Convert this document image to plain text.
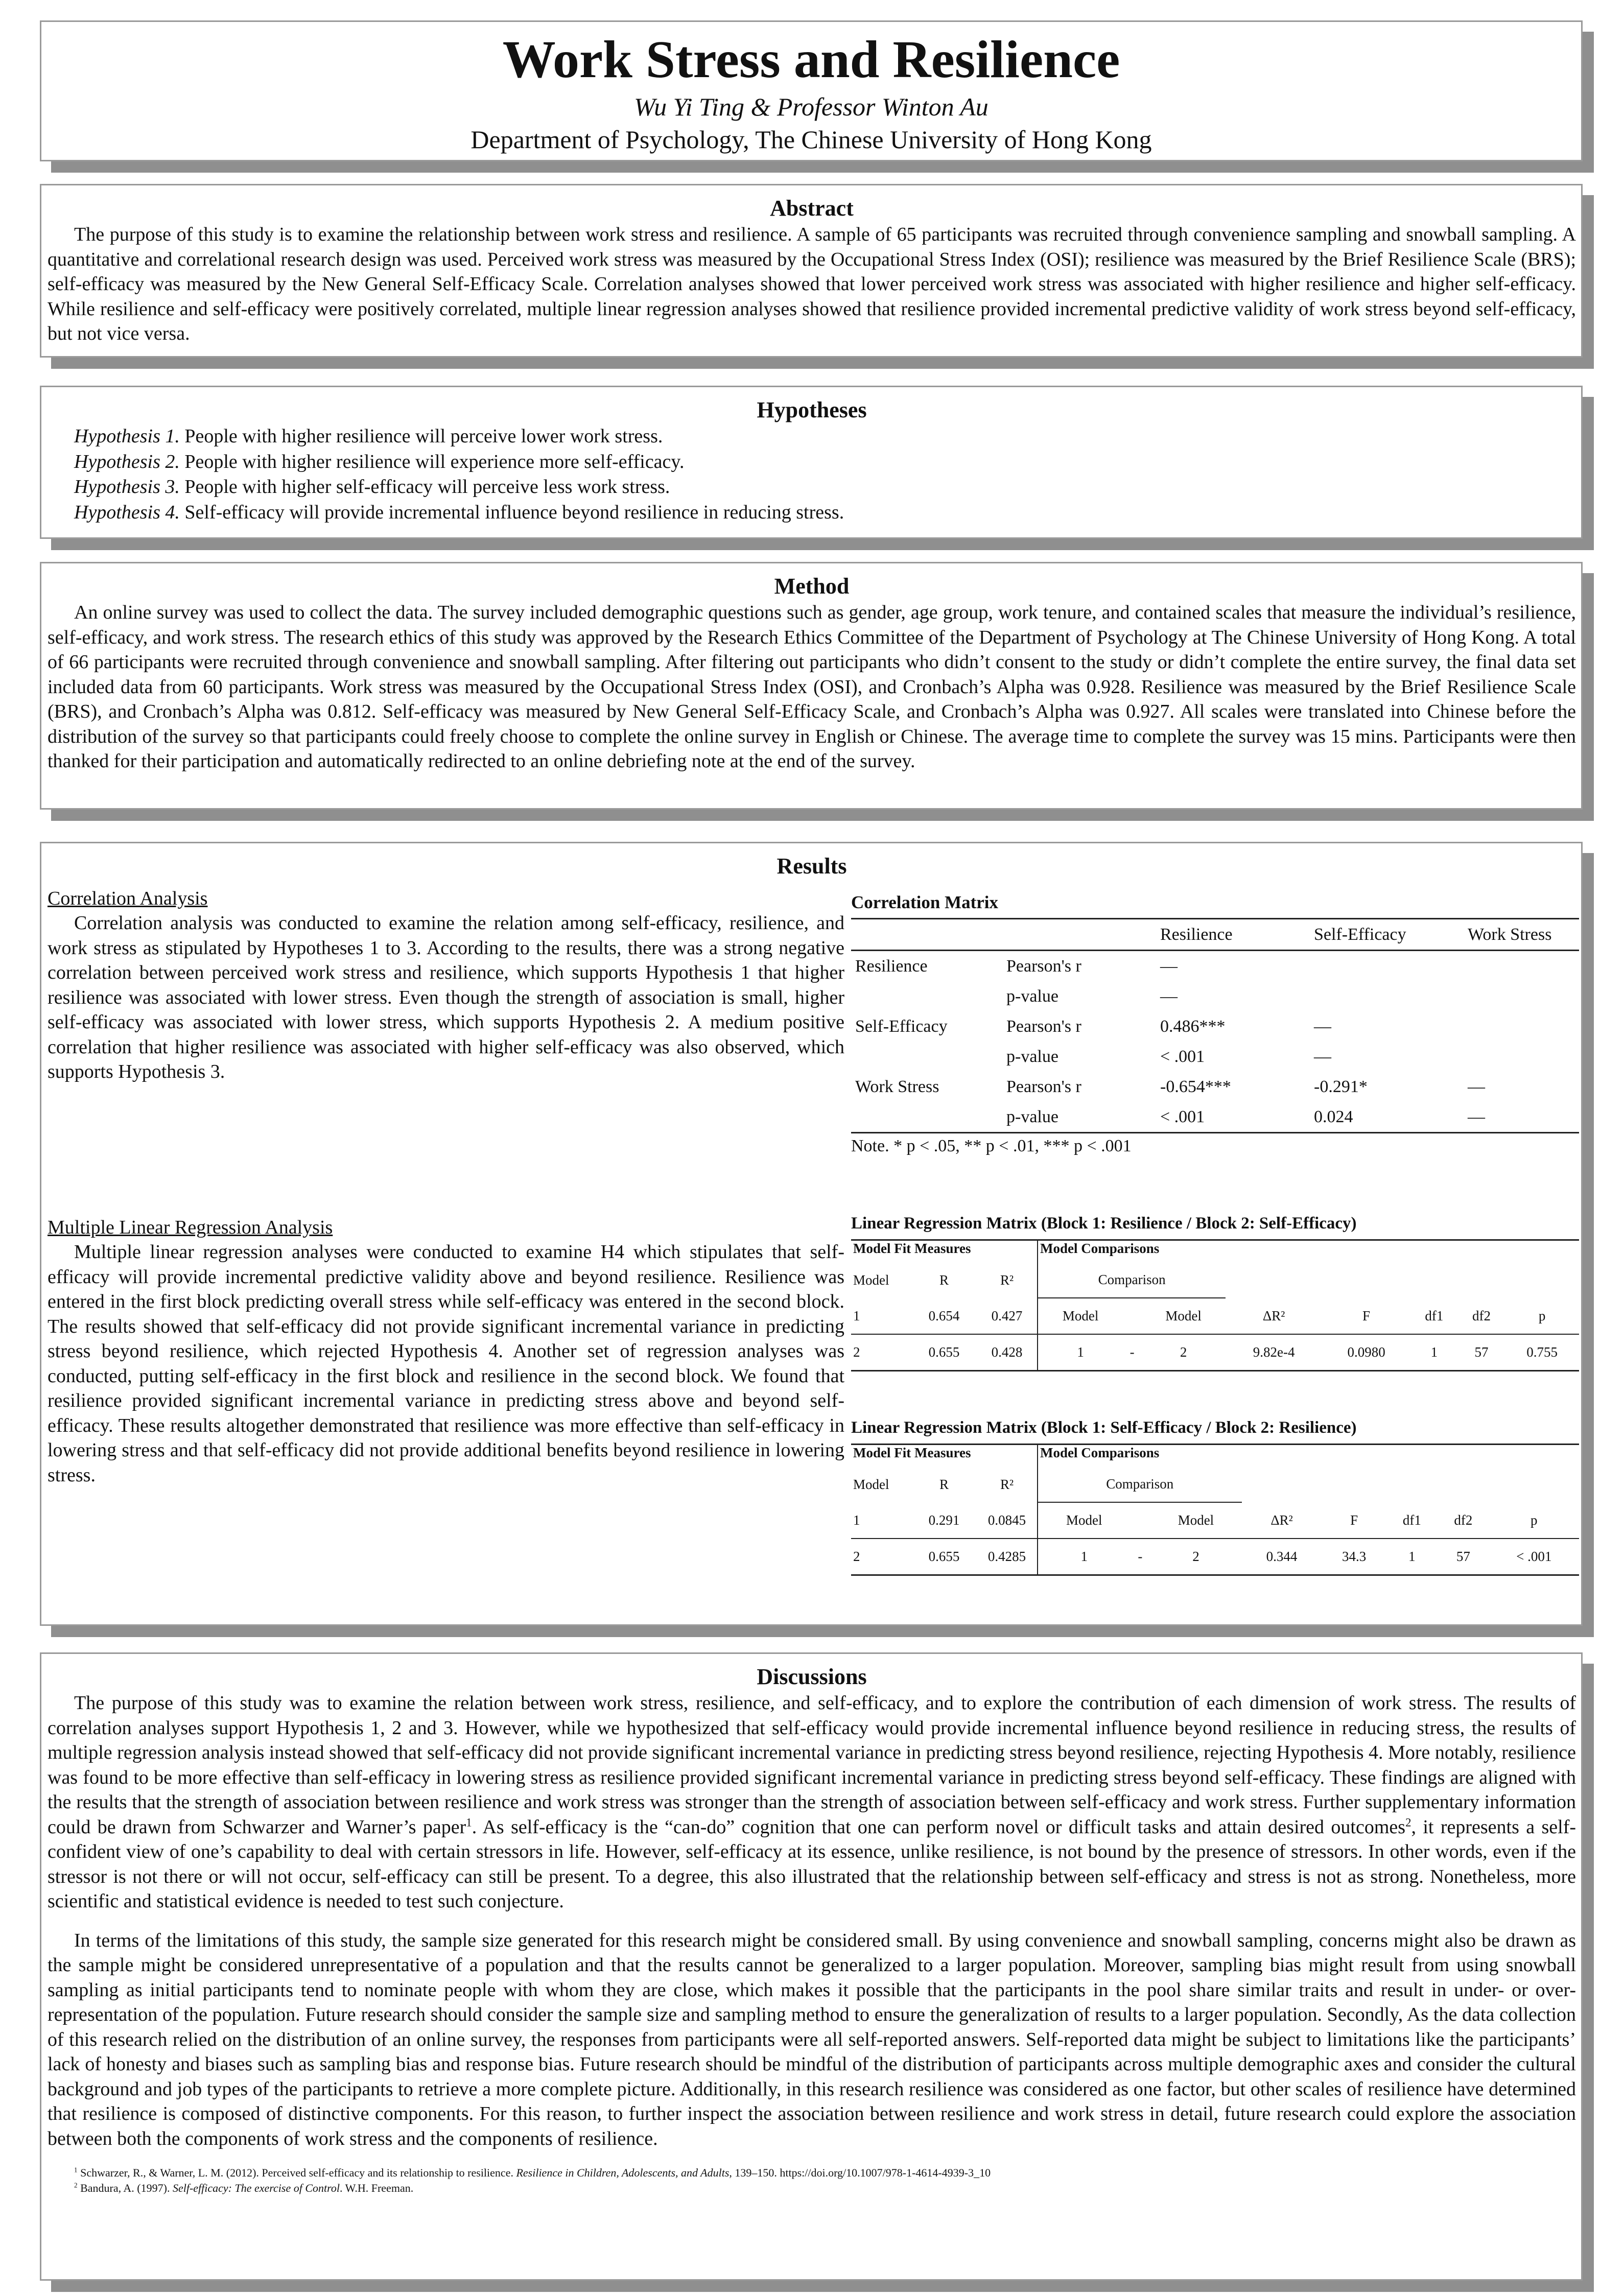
Work Stress and Resilience
Wu Yi Ting & Professor Winton Au
Department of Psychology, The Chinese University of Hong Kong
Abstract

The purpose of this study is to examine the relationship between work stress and resilience. A sample of 65 participants was recruited through convenience sampling and snowball sampling. A quantitative and correlational research design was used. Perceived work stress was measured by the Occupational Stress Index (OSI); resilience was measured by the Brief Resilience Scale (BRS); self-efficacy was measured by the New General Self-Efficacy Scale. Correlation analyses showed that lower perceived work stress was associated with higher resilience and higher self-efficacy. While resilience and self-efficacy were positively correlated, multiple linear regression analyses showed that resilience provided incremental predictive validity of work stress beyond self-efficacy, but not vice versa.

Hypotheses
Hypothesis 1. People with higher resilience will perceive lower work stress.
Hypothesis 2. People with higher resilience will experience more self-efficacy.
Hypothesis 3. People with higher self-efficacy will perceive less work stress.
Hypothesis 4. Self-efficacy will provide incremental influence beyond resilience in reducing stress.
Method

An online survey was used to collect the data. The survey included demographic questions such as gender, age group, work tenure, and contained scales that measure the individual’s resilience, self-efficacy, and work stress. The research ethics of this study was approved by the Research Ethics Committee of the Department of Psychology at The Chinese University of Hong Kong. A total of 66 participants were recruited through convenience and snowball sampling. After filtering out participants who didn’t consent to the study or didn’t complete the entire survey, the final data set included data from 60 participants. Work stress was measured by the Occupational Stress Index (OSI), and Cronbach’s Alpha was 0.928. Resilience was measured by the Brief Resilience Scale (BRS), and Cronbach’s Alpha was 0.812. Self-efficacy was measured by New General Self-Efficacy Scale, and Cronbach’s Alpha was 0.927. All scales were translated into Chinese before the distribution of the survey so that participants could freely choose to complete the online survey in English or Chinese. The average time to complete the survey was 15 mins. Participants were then thanked for their participation and automatically redirected to an online debriefing note at the end of the survey.

Results

Correlation Analysis

Correlation analysis was conducted to examine the relation among self-efficacy, resilience, and work stress as stipulated by Hypotheses 1 to 3. According to the results, there was a strong negative correlation between perceived work stress and resilience, which supports Hypothesis 1 that higher resilience was associated with lower stress. Even though the strength of association is small, higher self-efficacy was associated with lower stress, which supports Hypothesis 2. A medium positive correlation that higher resilience was associated with higher self-efficacy was also observed, which supports Hypothesis 3.

Correlation Matrix

		Resilience	Self-Efficacy	Work Stress
Resilience	Pearson's r	—		
	p-value	—		
Self-Efficacy	Pearson's r	0.486***	—	
	p-value	< .001	—	
Work Stress	Pearson's r	-0.654***	-0.291*	—
	p-value	< .001	0.024	—
Note. * p < .05, ** p < .01, *** p < .001

Multiple Linear Regression Analysis

Multiple linear regression analyses were conducted to examine H4 which stipulates that self-efficacy will provide incremental predictive validity above and beyond resilience. Resilience was entered in the first block predicting overall stress while self-efficacy was entered in the second block. The results showed that self-efficacy did not provide significant incremental variance in predicting stress beyond resilience, which rejected Hypothesis 4. Another set of regression analyses was conducted, putting self-efficacy in the first block and resilience in the second block. We found that resilience provided significant incremental variance in predicting stress above and beyond self-efficacy. These results altogether demonstrated that resilience was more effective than self-efficacy in lowering stress and that self-efficacy did not provide additional benefits beyond resilience in lowering stress.

Linear Regression Matrix (Block 1: Resilience / Block 2: Self-Efficacy)

Model Fit Measures			Model Comparisons							
Model	R	R²	Comparison							
1	0.654	0.427	Model		Model	ΔR²	F	df1	df2	p
2	0.655	0.428	1	-	2	9.82e-4	0.0980	1	57	0.755

Linear Regression Matrix (Block 1: Self-Efficacy / Block 2: Resilience)

Model Fit Measures			Model Comparisons							
Model	R	R²	Comparison							
1	0.291	0.0845	Model		Model	ΔR²	F	df1	df2	p
2	0.655	0.4285	1	-	2	0.344	34.3	1	57	< .001
Discussions

The purpose of this study was to examine the relation between work stress, resilience, and self-efficacy, and to explore the contribution of each dimension of work stress. The results of correlation analyses support Hypothesis 1, 2 and 3. However, while we hypothesized that self-efficacy would provide incremental influence beyond resilience in reducing stress, the results of multiple regression analysis instead showed that self-efficacy did not provide significant incremental variance in predicting stress beyond resilience, rejecting Hypothesis 4. More notably, resilience was found to be more effective than self-efficacy in lowering stress as resilience provided significant incremental variance in predicting stress beyond self-efficacy. These findings are aligned with the results that the strength of association between resilience and work stress was stronger than the strength of association between self-efficacy and work stress. Further supplementary information could be drawn from Schwarzer and Warner’s paper$^1$. As self-efficacy is the “can-do” cognition that one can perform novel or difficult tasks and attain desired outcomes$^2$, it represents a self-confident view of one’s capability to deal with certain stressors in life. However, self-efficacy at its essence, unlike resilience, is not bound by the presence of stressors. In other words, even if the stressor is not there or will not occur, self-efficacy can still be present. To a degree, this also illustrated that the relationship between self-efficacy and stress is not as strong. Nonetheless, more scientific and statistical evidence is needed to test such conjecture.

In terms of the limitations of this study, the sample size generated for this research might be considered small. By using convenience and snowball sampling, concerns might also be drawn as the sample might be considered unrepresentative of a population and that the results cannot be generalized to a larger population. Moreover, sampling bias might result from using snowball sampling as initial participants tend to nominate people with whom they are close, which makes it possible that the participants in the pool share similar traits and result in under- or over-representation of the population. Future research should consider the sample size and sampling method to ensure the generalization of results to a larger population. Secondly, As the data collection of this research relied on the distribution of an online survey, the responses from participants were all self-reported answers. Self-reported data might be subject to limitations like the participants’ lack of honesty and biases such as sampling bias and response bias. Future research should be mindful of the distribution of participants across multiple demographic axes and consider the cultural background and job types of the participants to retrieve a more complete picture. Additionally, in this research resilience was considered as one factor, but other scales of resilience have determined that resilience is composed of distinctive components. For this reason, to further inspect the association between resilience and work stress in detail, future research could explore the association between both the components of work stress and the components of resilience.

$^1$ Schwarzer, R., & Warner, L. M. (2012). Perceived self-efficacy and its relationship to resilience. Resilience in Children, Adolescents, and Adults, 139–150. https://doi.org/10.1007/978-1-4614-4939-3_10

$^2$ Bandura, A. (1997). Self-efficacy: The exercise of Control. W.H. Freeman.
